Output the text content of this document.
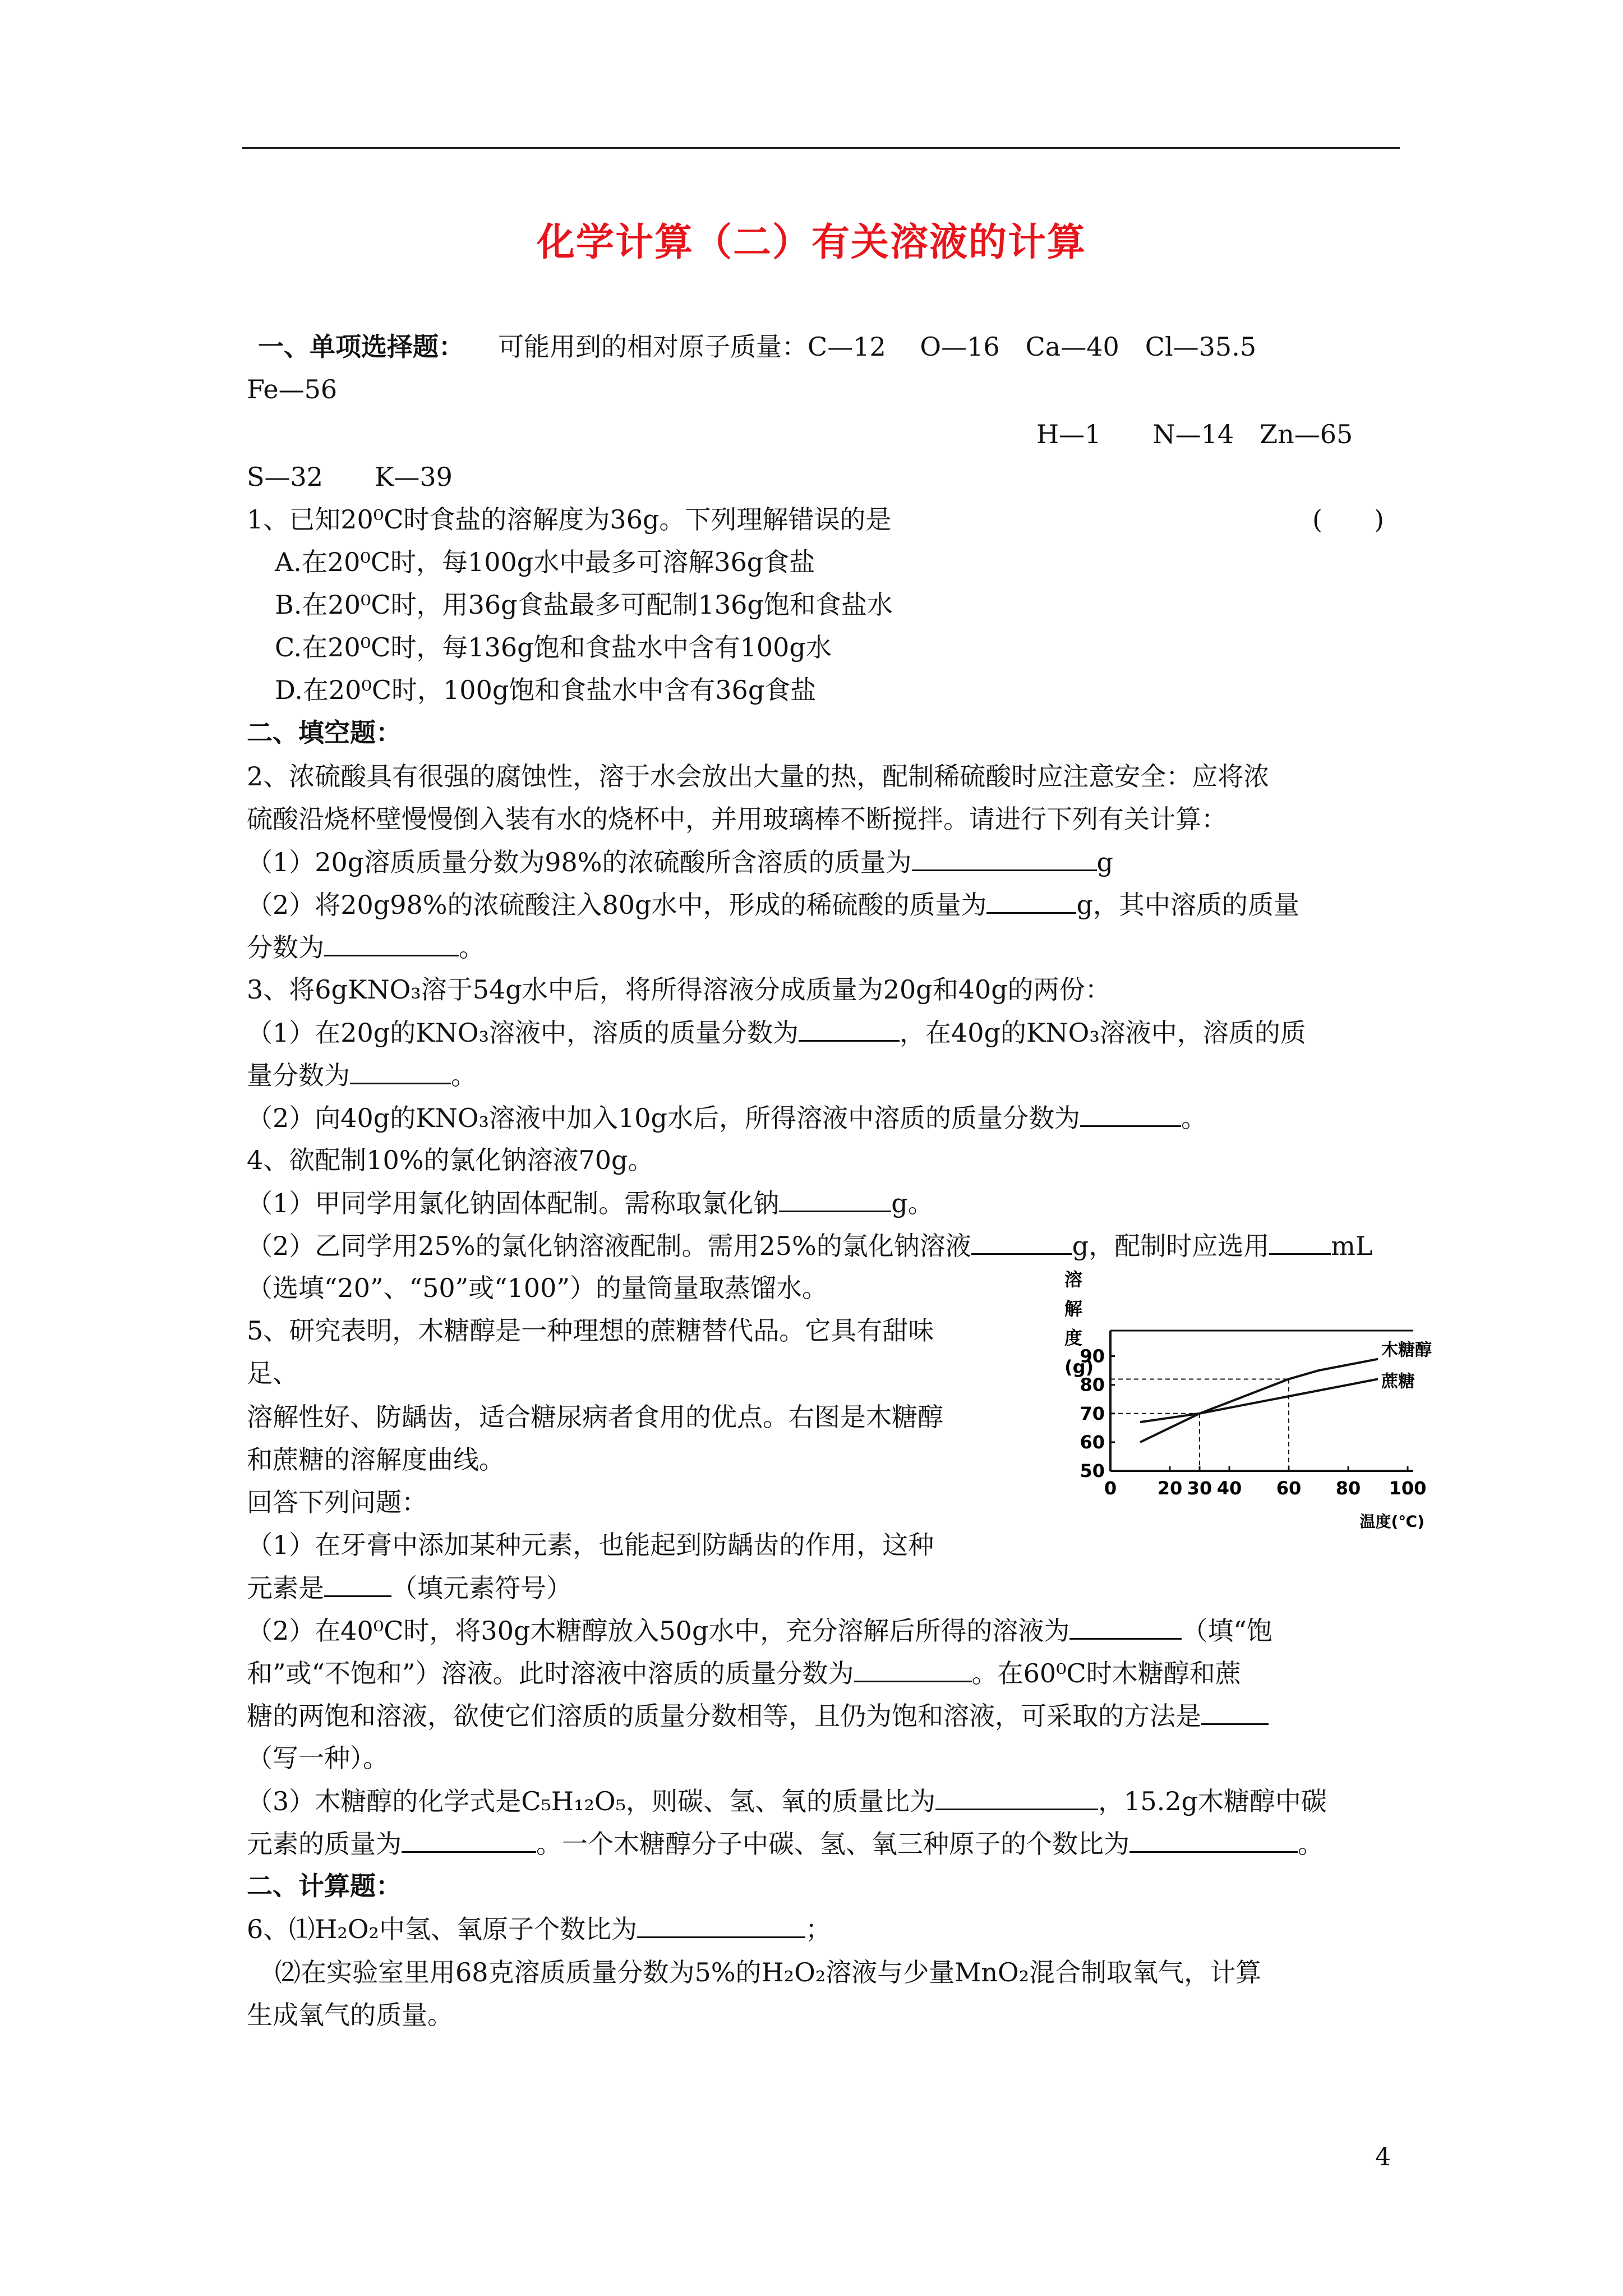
化学计算（二）有关溶液的计算
一、单项选择题： 可能用到的相对原子质量：C—12　 O—16　Ca—40　Cl—35.5
Fe—56
H—1　　N—14　Zn—65
S—32　　K—39
1、已知20⁰C时食盐的溶解度为36g。下列理解错误的是	(　　)
A.在20⁰C时，每100g水中最多可溶解36g食盐
B.在20⁰C时，用36g食盐最多可配制136g饱和食盐水
C.在20⁰C时，每136g饱和食盐水中含有100g水
D.在20⁰C时，100g饱和食盐水中含有36g食盐
二、填空题：
2、浓硫酸具有很强的腐蚀性，溶于水会放出大量的热，配制稀硫酸时应注意安全：应将浓
硫酸沿烧杯壁慢慢倒入装有水的烧杯中，并用玻璃棒不断搅拌。请进行下列有关计算：
（1）20g溶质质量分数为98%的浓硫酸所含溶质的质量为	g
（2）将20g98%的浓硫酸注入80g水中，形成的稀硫酸的质量为	g，其中溶质的质量
分数为	。
3、将6gKNO₃溶于54g水中后，将所得溶液分成质量为20g和40g的两份：
（1）在20g的KNO₃溶液中，溶质的质量分数为	，在40g的KNO₃溶液中，溶质的质
量分数为	。
（2）向40g的KNO₃溶液中加入10g水后，所得溶液中溶质的质量分数为	。
4、欲配制10%的氯化钠溶液70g。
（1）甲同学用氯化钠固体配制。需称取氯化钠	g。
（2）乙同学用25%的氯化钠溶液配制。需用25%的氯化钠溶液	g，配制时应选用 mL
（选填“20”、“50”或“100”）的量筒量取蒸馏水。
5、研究表明，木糖醇是一种理想的蔗糖替代品。它具有甜味
足、
溶解性好、防龋齿，适合糖尿病者食用的优点。右图是木糖醇
和蔗糖的溶解度曲线。
回答下列问题：
（1）在牙膏中添加某种元素，也能起到防龋齿的作用，这种
元素是	（填元素符号）
（2）在40⁰C时，将30g木糖醇放入50g水中，充分溶解后所得的溶液为	（填“饱
和”或“不饱和”）溶液。此时溶液中溶质的质量分数为	。在60⁰C时木糖醇和蔗
糖的两饱和溶液，欲使它们溶质的质量分数相等，且仍为饱和溶液，可采取的方法是
（写一种）。
（3）木糖醇的化学式是C₅H₁₂O₅，则碳、氢、氧的质量比为	，15.2g木糖醇中碳
元素的质量为	。一个木糖醇分子中碳、氢、氧三种原子的个数比为	。
二、计算题：
6、⑴H₂O₂中氢、氧原子个数比为	；
⑵在实验室里用68克溶质质量分数为5%的H₂O₂溶液与少量MnO₂混合制取氧气，计算
生成氧气的质量。
4
木糖醇
蔗糖
0 20 30 40 60 80 100
50
60
70
80
90
溶
解
度
(g)
温度(℃)
